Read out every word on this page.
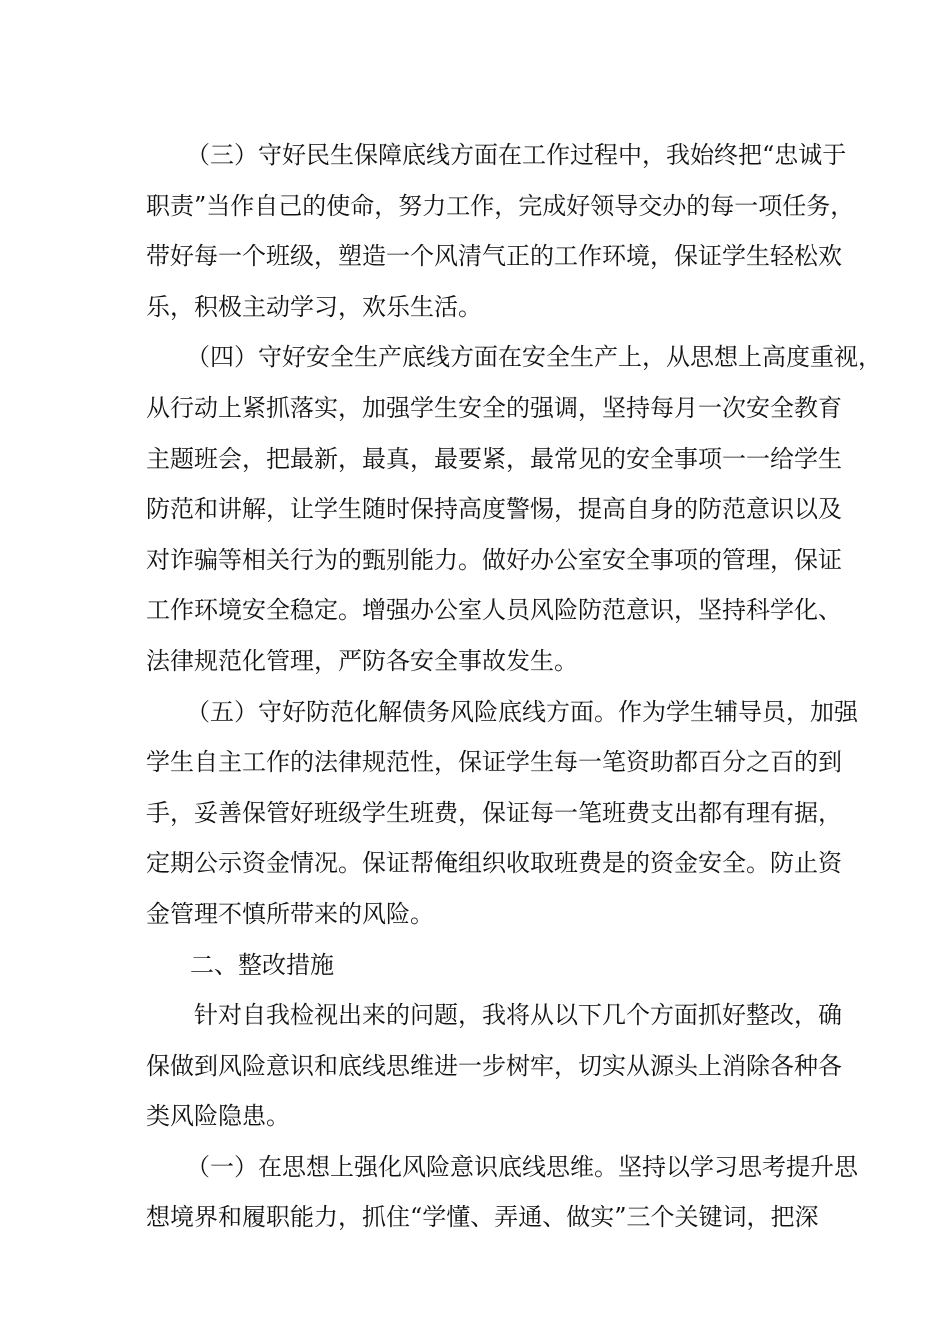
（三）守好民生保障底线方面在工作过程中，我始终把“忠诚于
职责”当作自己的使命，努力工作，完成好领导交办的每一项任务，
带好每一个班级，塑造一个风清气正的工作环境，保证学生轻松欢
乐，积极主动学习，欢乐生活。
（四）守好安全生产底线方面在安全生产上，从思想上高度重视，
从行动上紧抓落实，加强学生安全的强调，坚持每月一次安全教育
主题班会，把最新，最真，最要紧，最常见的安全事项一一给学生
防范和讲解，让学生随时保持高度警惕，提高自身的防范意识以及
对诈骗等相关行为的甄别能力。做好办公室安全事项的管理，保证
工作环境安全稳定。增强办公室人员风险防范意识，坚持科学化、
法律规范化管理，严防各安全事故发生。
（五）守好防范化解债务风险底线方面。作为学生辅导员，加强
学生自主工作的法律规范性，保证学生每一笔资助都百分之百的到
手，妥善保管好班级学生班费，保证每一笔班费支出都有理有据，
定期公示资金情况。保证帮俺组织收取班费是的资金安全。防止资
金管理不慎所带来的风险。
二、整改措施
针对自我检视出来的问题，我将从以下几个方面抓好整改，确
保做到风险意识和底线思维进一步树牢，切实从源头上消除各种各
类风险隐患。
（一）在思想上强化风险意识底线思维。坚持以学习思考提升思
想境界和履职能力，抓住“学懂、弄通、做实”三个关键词，把深
